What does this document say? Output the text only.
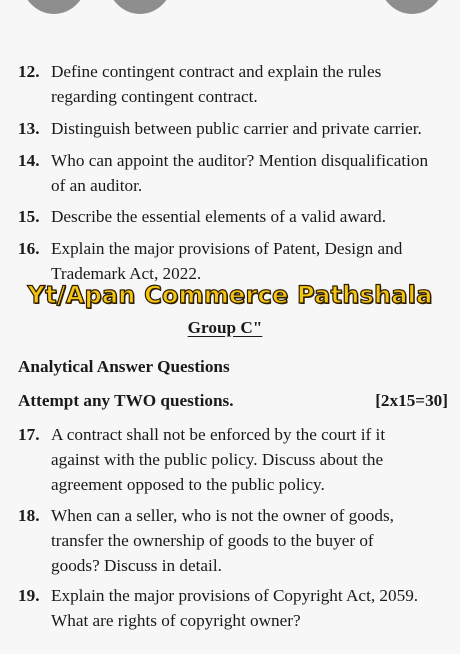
12. Define contingent contract and explain the rules
regarding contingent contract.
13. Distinguish between public carrier and private carrier.
14. Who can appoint the auditor? Mention disqualification
of an auditor.
15. Describe the essential elements of a valid award.
16. Explain the major provisions of Patent, Design and
Trademark Act, 2022.
Yt/Apan Commerce Pathshala
Group C"
Analytical Answer Questions
Attempt any TWO questions.	[2x15=30]
17. A contract shall not be enforced by the court if it
against with the public policy. Discuss about the
agreement opposed to the public policy.
18. When can a seller, who is not the owner of goods,
transfer the ownership of goods to the buyer of
goods? Discuss in detail.
19. Explain the major provisions of Copyright Act, 2059.
What are rights of copyright owner?
